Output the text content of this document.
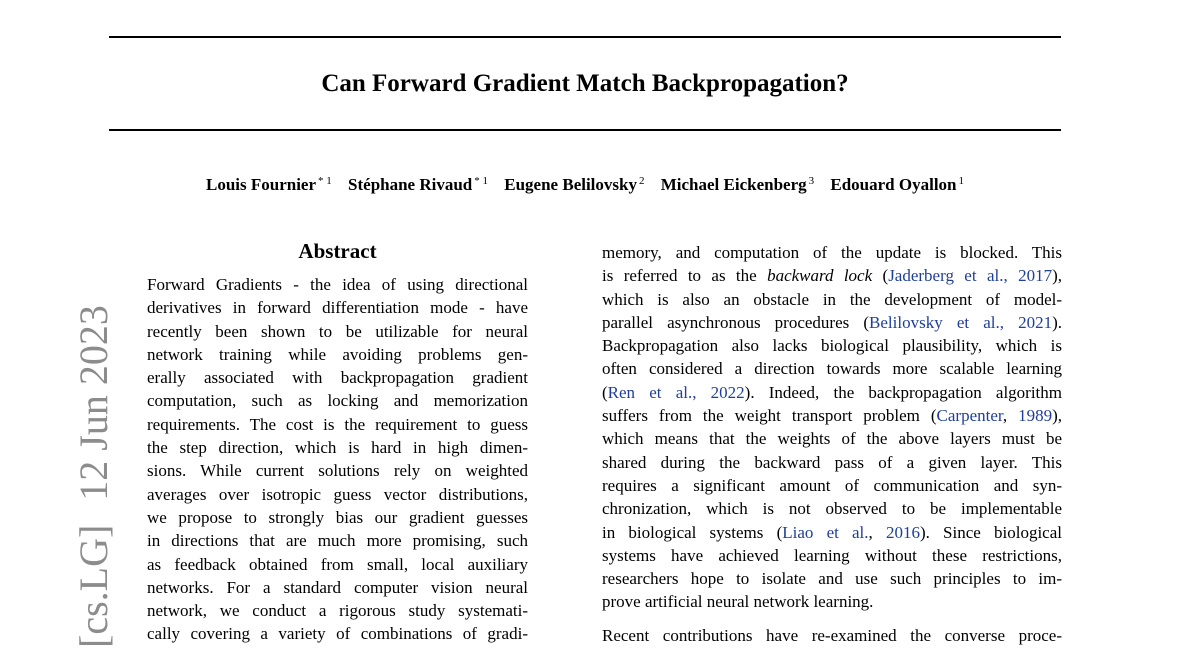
Can Forward Gradient Match Backpropagation?
Louis Fournier $^{* 1}$ Stéphane Rivaud $^{* 1}$ Eugene Belilovsky $^2$ Michael Eickenberg $^3$ Edouard Oyallon $^1$
[cs.LG]12 Jun 2023
Abstract

Forward Gradients - the idea of using directional
derivatives in forward differentiation mode - have
recently been shown to be utilizable for neural
network training while avoiding problems gen-
erally associated with backpropagation gradient
computation, such as locking and memorization
requirements. The cost is the requirement to guess
the step direction, which is hard in high dimen-
sions. While current solutions rely on weighted
averages over isotropic guess vector distributions,
we propose to strongly bias our gradient guesses
in directions that are much more promising, such
as feedback obtained from small, local auxiliary
networks. For a standard computer vision neural
network, we conduct a rigorous study systemati-
cally covering a variety of combinations of gradi-

memory, and computation of the update is blocked. This
is referred to as the backward lock (Jaderberg et al., 2017),
which is also an obstacle in the development of model-
parallel asynchronous procedures (Belilovsky et al., 2021).
Backpropagation also lacks biological plausibility, which is
often considered a direction towards more scalable learning
(Ren et al., 2022). Indeed, the backpropagation algorithm
suffers from the weight transport problem (Carpenter, 1989),
which means that the weights of the above layers must be
shared during the backward pass of a given layer. This
requires a significant amount of communication and syn-
chronization, which is not observed to be implementable
in biological systems (Liao et al., 2016). Since biological
systems have achieved learning without these restrictions,
researchers hope to isolate and use such principles to im-
prove artificial neural network learning.

Recent contributions have re-examined the converse proce-
